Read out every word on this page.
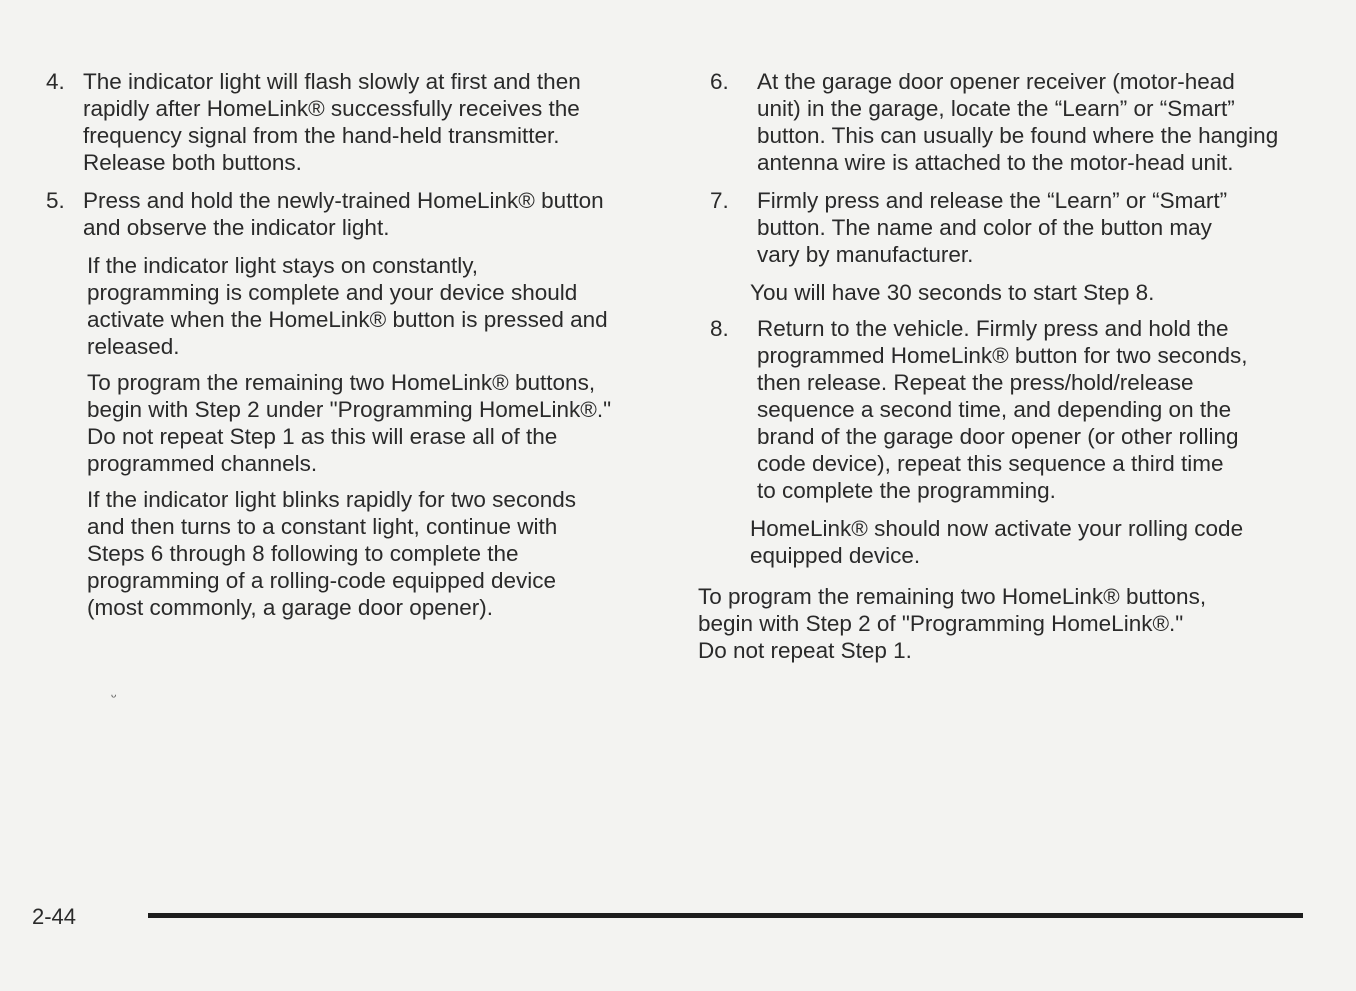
4. The indicator light will flash slowly at first and then
rapidly after HomeLink® successfully receives the
frequency signal from the hand-held transmitter.
Release both buttons.
5. Press and hold the newly-trained HomeLink® button
and observe the indicator light.
If the indicator light stays on constantly,
programming is complete and your device should
activate when the HomeLink® button is pressed and
released.
To program the remaining two HomeLink® buttons,
begin with Step 2 under "Programming HomeLink®."
Do not repeat Step 1 as this will erase all of the
programmed channels.
If the indicator light blinks rapidly for two seconds
and then turns to a constant light, continue with
Steps 6 through 8 following to complete the
programming of a rolling-code equipped device
(most commonly, a garage door opener).
6.	At the garage door opener receiver (motor-head
unit) in the garage, locate the “Learn” or “Smart”
button. This can usually be found where the hanging
antenna wire is attached to the motor-head unit.
7.	Firmly press and release the “Learn” or “Smart”
button. The name and color of the button may
vary by manufacturer.
You will have 30 seconds to start Step 8.
8.	Return to the vehicle. Firmly press and hold the
programmed HomeLink® button for two seconds,
then release. Repeat the press/hold/release
sequence a second time, and depending on the
brand of the garage door opener (or other rolling
code device), repeat this sequence a third time
to complete the programming.
HomeLink® should now activate your rolling code
equipped device.
To program the remaining two HomeLink® buttons,
begin with Step 2 of "Programming HomeLink®."
Do not repeat Step 1.
ᵕ
2-44
